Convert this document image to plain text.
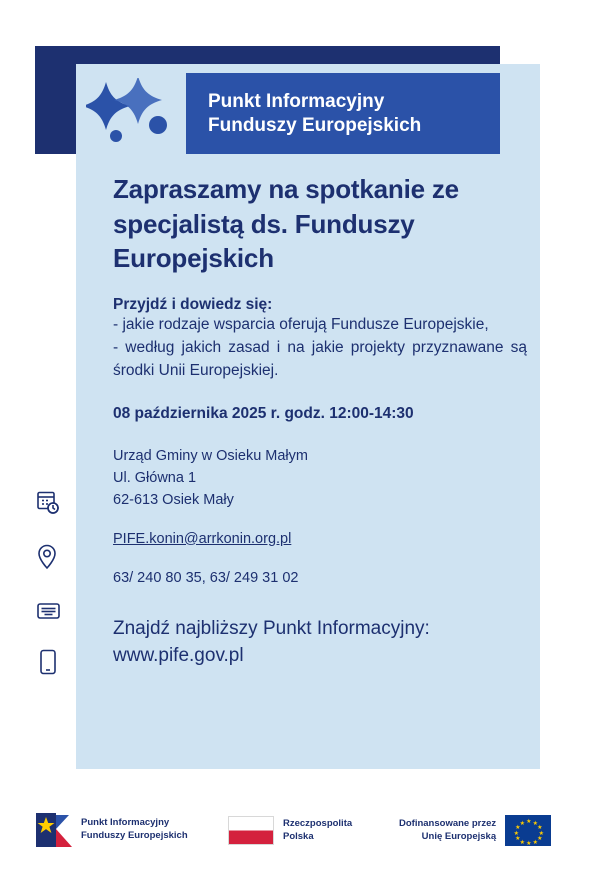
Punkt Informacyjny
Funduszy Europejskich
Zapraszamy na spotkanie ze specjalistą ds. Funduszy Europejskich
Przyjdź i dowiedz się:
- jakie rodzaje wsparcia oferują Fundusze Europejskie,
- według jakich zasad i na jakie projekty przyznawane są środki Unii Europejskiej.
08 października 2025 r. godz. 12:00-14:30
Urząd Gminy w Osieku Małym
Ul. Główna 1
62-613 Osiek Mały
PIFE.konin@arrkonin.org.pl
63/ 240 80 35, 63/ 249 31 02
Znajdź najbliższy Punkt Informacyjny:
www.pife.gov.pl
Punkt Informacyjny
Funduszy Europejskich
Rzeczpospolita
Polska
Dofinansowane przez
Unię Europejską
★ ★
★
★
★
★
★
★
★
★
★
★
